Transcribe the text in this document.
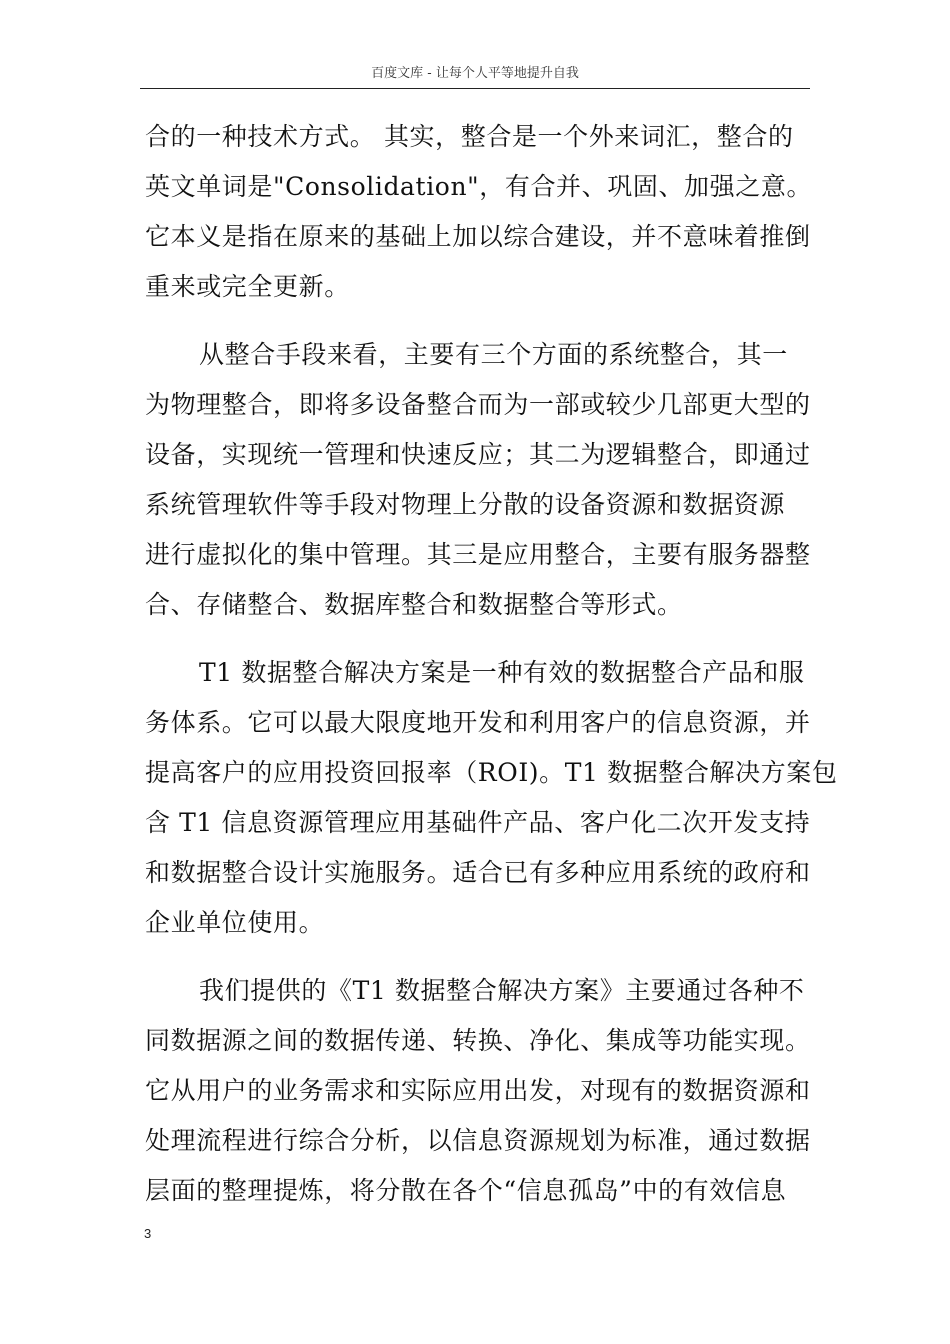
百度文库 - 让每个人平等地提升自我
合的一种技术方式。 其实，整合是一个外来词汇，整合的
英文单词是"Consolidation"，有合并、巩固、加强之意。
它本义是指在原来的基础上加以综合建设，并不意味着推倒
重来或完全更新。
从整合手段来看，主要有三个方面的系统整合，其一
为物理整合，即将多设备整合而为一部或较少几部更大型的
设备，实现统一管理和快速反应；其二为逻辑整合，即通过
系统管理软件等手段对物理上分散的设备资源和数据资源
进行虚拟化的集中管理。其三是应用整合，主要有服务器整
合、存储整合、数据库整合和数据整合等形式。
T1 数据整合解决方案是一种有效的数据整合产品和服
务体系。它可以最大限度地开发和利用客户的信息资源，并
提高客户的应用投资回报率（ROI)。T1 数据整合解决方案包
含 T1 信息资源管理应用基础件产品、客户化二次开发支持
和数据整合设计实施服务。适合已有多种应用系统的政府和
企业单位使用。
我们提供的《T1 数据整合解决方案》主要通过各种不
同数据源之间的数据传递、转换、净化、集成等功能实现。
它从用户的业务需求和实际应用出发，对现有的数据资源和
处理流程进行综合分析，以信息资源规划为标准，通过数据
层面的整理提炼，将分散在各个“信息孤岛”中的有效信息
3
